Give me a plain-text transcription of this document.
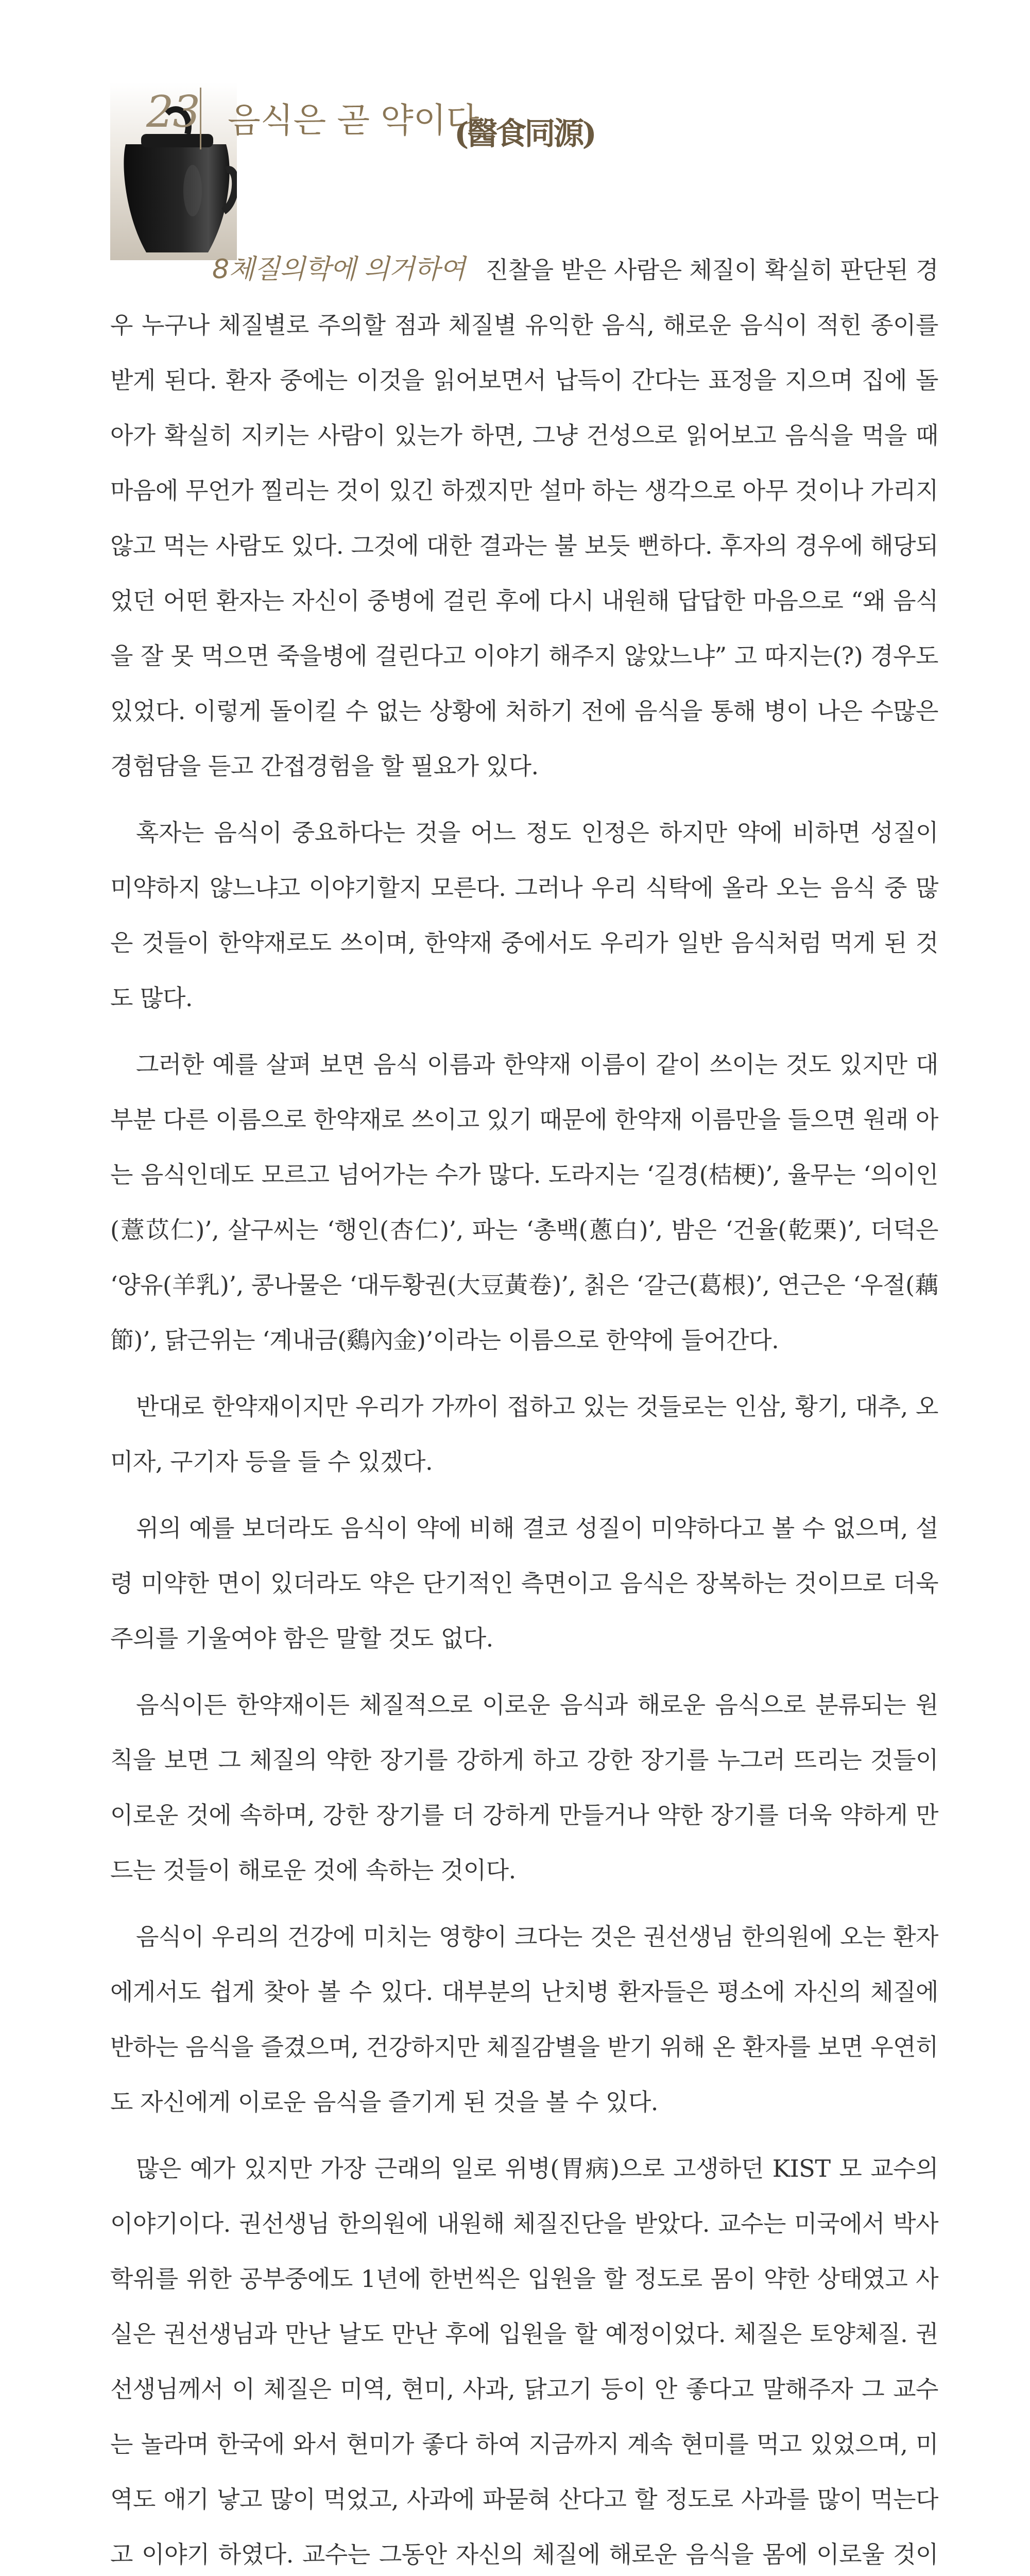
23 음식은 곧 약이다
(醫食同源)

8체질의학에 의거하여 진찰을 받은 사람은 체질이 확실히 판단된 경우 누구나 체질별로 주의할 점과 체질별 유익한 음식, 해로운 음식이 적힌 종이를 받게 된다. 환자 중에는 이것을 읽어보면서 납득이 간다는 표정을 지으며 집에 돌아가 확실히 지키는 사람이 있는가 하면, 그냥 건성으로 읽어보고 음식을 먹을 때 마음에 무언가 찔리는 것이 있긴 하겠지만 설마 하는 생각으로 아무 것이나 가리지 않고 먹는 사람도 있다. 그것에 대한 결과는 불 보듯 뻔하다. 후자의 경우에 해당되었던 어떤 환자는 자신이 중병에 걸린 후에 다시 내원해 답답한 마음으로 “왜 음식을 잘 못 먹으면 죽을병에 걸린다고 이야기 해주지 않았느냐” 고 따지는(?) 경우도 있었다. 이렇게 돌이킬 수 없는 상황에 처하기 전에 음식을 통해 병이 나은 수많은 경험담을 듣고 간접경험을 할 필요가 있다.

혹자는 음식이 중요하다는 것을 어느 정도 인정은 하지만 약에 비하면 성질이 미약하지 않느냐고 이야기할지 모른다. 그러나 우리 식탁에 올라 오는 음식 중 많은 것들이 한약재로도 쓰이며, 한약재 중에서도 우리가 일반 음식처럼 먹게 된 것도 많다.

그러한 예를 살펴 보면 음식 이름과 한약재 이름이 같이 쓰이는 것도 있지만 대부분 다른 이름으로 한약재로 쓰이고 있기 때문에 한약재 이름만을 들으면 원래 아는 음식인데도 모르고 넘어가는 수가 많다. 도라지는 ‘길경(桔梗)’, 율무는 ‘의이인(薏苡仁)’, 살구씨는 ‘행인(杏仁)’, 파는 ‘총백(蔥白)’, 밤은 ‘건율(乾栗)’, 더덕은 ‘양유(羊乳)’, 콩나물은 ‘대두황권(大豆黃卷)’, 칡은 ‘갈근(葛根)’, 연근은 ‘우절(藕節)’, 닭근위는 ‘계내금(鷄內金)’이라는 이름으로 한약에 들어간다.

반대로 한약재이지만 우리가 가까이 접하고 있는 것들로는 인삼, 황기, 대추, 오미자, 구기자 등을 들 수 있겠다.

위의 예를 보더라도 음식이 약에 비해 결코 성질이 미약하다고 볼 수 없으며, 설령 미약한 면이 있더라도 약은 단기적인 측면이고 음식은 장복하는 것이므로 더욱 주의를 기울여야 함은 말할 것도 없다.

음식이든 한약재이든 체질적으로 이로운 음식과 해로운 음식으로 분류되는 원칙을 보면 그 체질의 약한 장기를 강하게 하고 강한 장기를 누그러 뜨리는 것들이 이로운 것에 속하며, 강한 장기를 더 강하게 만들거나 약한 장기를 더욱 약하게 만드는 것들이 해로운 것에 속하는 것이다.

음식이 우리의 건강에 미치는 영향이 크다는 것은 권선생님 한의원에 오는 환자에게서도 쉽게 찾아 볼 수 있다. 대부분의 난치병 환자들은 평소에 자신의 체질에 반하는 음식을 즐겼으며, 건강하지만 체질감별을 받기 위해 온 환자를 보면 우연히도 자신에게 이로운 음식을 즐기게 된 것을 볼 수 있다.

많은 예가 있지만 가장 근래의 일로 위병(胃病)으로 고생하던 KIST 모 교수의 이야기이다. 권선생님 한의원에 내원해 체질진단을 받았다. 교수는 미국에서 박사 학위를 위한 공부중에도 1년에 한번씩은 입원을 할 정도로 몸이 약한 상태였고 사실은 권선생님과 만난 날도 만난 후에 입원을 할 예정이었다. 체질은 토양체질. 권선생님께서 이 체질은 미역, 현미, 사과, 닭고기 등이 안 좋다고 말해주자 그 교수는 놀라며 한국에 와서 현미가 좋다 하여 지금까지 계속 현미를 먹고 있었으며, 미역도 애기 낳고 많이 먹었고, 사과에 파묻혀 산다고 할 정도로 사과를 많이 먹는다고 이야기 하였다. 교수는 그동안 자신의 체질에 해로운 음식을 몸에 이로울 것이
